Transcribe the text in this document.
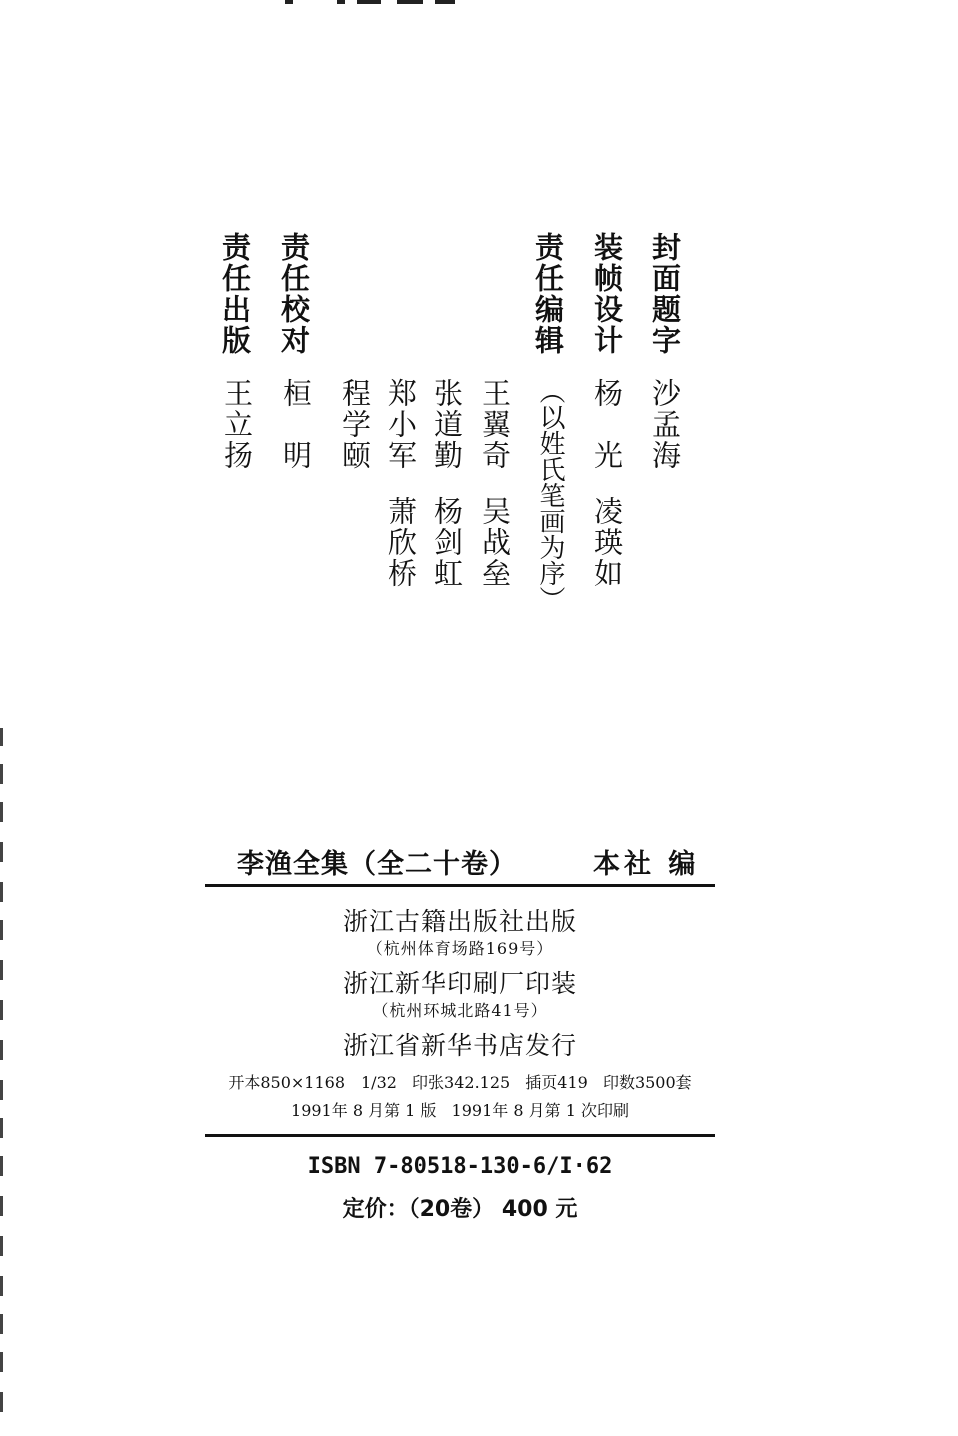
封面题字
沙孟海
装帧设计
杨　光
凌瑛如
责任编辑
（以姓氏笔画为序）
王翼奇
吴战垒
张道勤
杨剑虹
郑小军
萧欣桥
程学颐
责任校对
桓　明
责任出版
王立扬
李渔全集（全二十卷）	本社 编
浙江古籍出版社出版
（杭州体育场路169号）
浙江新华印刷厂印装
（杭州环城北路41号）
浙江省新华书店发行
开本850×1168　1/32 印张342.125 插页419 印数3500套
1991年 8 月第 1 版 1991年 8 月第 1 次印刷
ISBN 7-80518-130-6/I·62
定价：（20卷） 400 元
